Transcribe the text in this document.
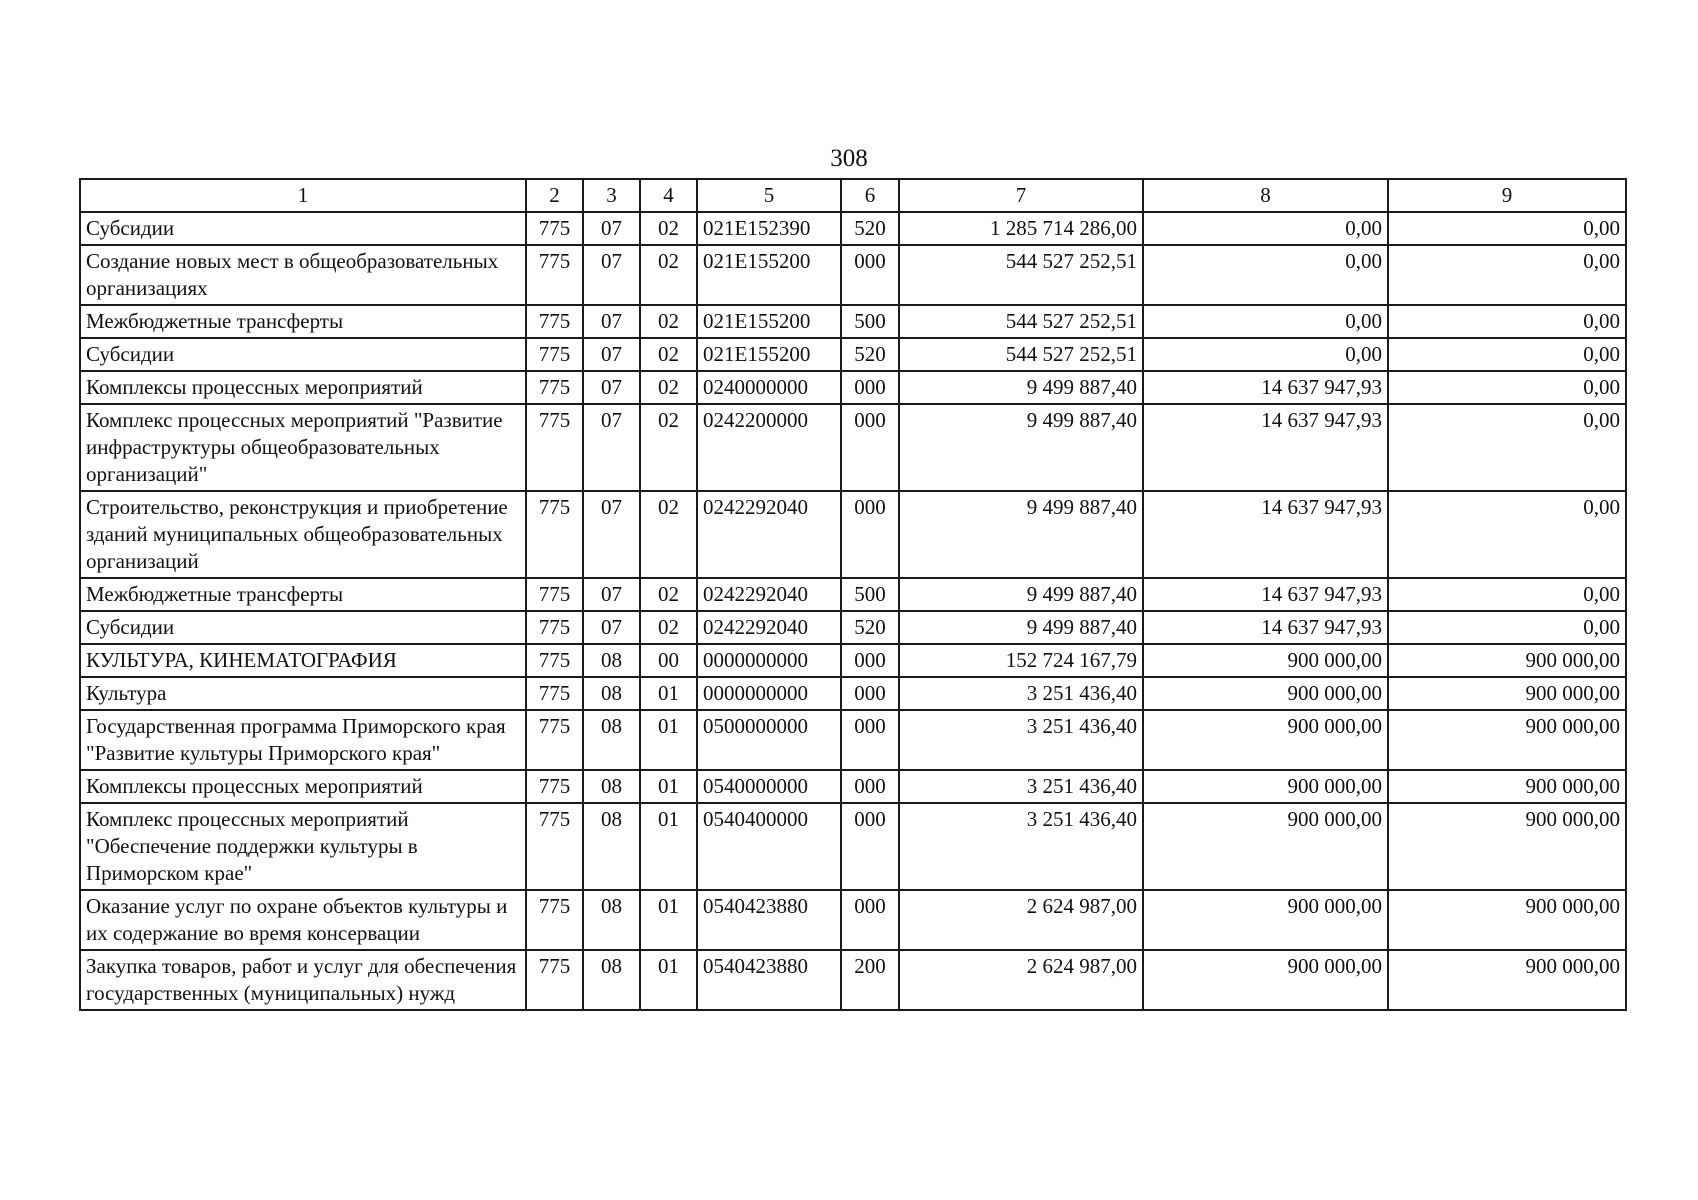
308
1	2	3	4	5	6	7	8	9
Субсидии	775	07	02	021E152390	520	1 285 714 286,00	0,00	0,00
Создание новых мест в общеобразовательных организациях	775	07	02	021E155200	000	544 527 252,51	0,00	0,00
Межбюджетные трансферты	775	07	02	021E155200	500	544 527 252,51	0,00	0,00
Субсидии	775	07	02	021E155200	520	544 527 252,51	0,00	0,00
Комплексы процессных мероприятий	775	07	02	0240000000	000	9 499 887,40	14 637 947,93	0,00
Комплекс процессных мероприятий "Развитие инфраструктуры общеобразовательных организаций"	775	07	02	0242200000	000	9 499 887,40	14 637 947,93	0,00
Строительство, реконструкция и приобретение зданий муниципальных общеобразовательных организаций	775	07	02	0242292040	000	9 499 887,40	14 637 947,93	0,00
Межбюджетные трансферты	775	07	02	0242292040	500	9 499 887,40	14 637 947,93	0,00
Субсидии	775	07	02	0242292040	520	9 499 887,40	14 637 947,93	0,00
КУЛЬТУРА, КИНЕМАТОГРАФИЯ	775	08	00	0000000000	000	152 724 167,79	900 000,00	900 000,00
Культура	775	08	01	0000000000	000	3 251 436,40	900 000,00	900 000,00
Государственная программа Приморского края "Развитие культуры Приморского края"	775	08	01	0500000000	000	3 251 436,40	900 000,00	900 000,00
Комплексы процессных мероприятий	775	08	01	0540000000	000	3 251 436,40	900 000,00	900 000,00
Комплекс процессных мероприятий "Обеспечение поддержки культуры в Приморском крае"	775	08	01	0540400000	000	3 251 436,40	900 000,00	900 000,00
Оказание услуг по охране объектов культуры и их содержание во время консервации	775	08	01	0540423880	000	2 624 987,00	900 000,00	900 000,00
Закупка товаров, работ и услуг для обеспечения государственных (муниципальных) нужд	775	08	01	0540423880	200	2 624 987,00	900 000,00	900 000,00
